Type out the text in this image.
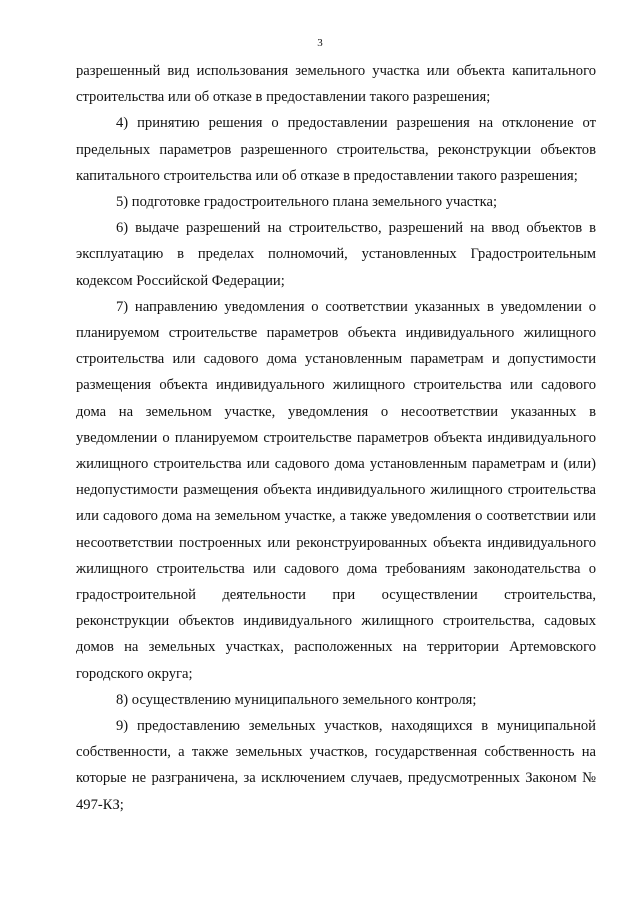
3

разрешенный вид использования земельного участка или объекта капитального строительства или об отказе в предоставлении такого разрешения;

4) принятию решения о предоставлении разрешения на отклонение от предельных параметров разрешенного строительства, реконструкции объектов капитального строительства или об отказе в предоставлении такого разрешения;

5) подготовке градостроительного плана земельного участка;

6) выдаче разрешений на строительство, разрешений на ввод объектов в эксплуатацию в пределах полномочий, установленных Градостроительным кодексом Российской Федерации;

7) направлению уведомления о соответствии указанных в уведомлении о планируемом строительстве параметров объекта индивидуального жилищного строительства или садового дома установленным параметрам и допустимости размещения объекта индивидуального жилищного строительства или садового дома на земельном участке, уведомления о несоответствии указанных в уведомлении о планируемом строительстве параметров объекта индивидуального жилищного строительства или садового дома установленным параметрам и (или) недопустимости размещения объекта индивидуального жилищного строительства или садового дома на земельном участке, а также уведомления о соответствии или несоответствии построенных или реконструированных объекта индивидуального жилищного строительства или садового дома требованиям законодательства о градостроительной деятельности при осуществлении строительства, реконструкции объектов индивидуального жилищного строительства, садовых домов на земельных участках, расположенных на территории Артемовского городского округа;

8) осуществлению муниципального земельного контроля;

9) предоставлению земельных участков, находящихся в муниципальной собственности, а также земельных участков, государственная собственность на которые не разграничена, за исключением случаев, предусмотренных Законом № 497-КЗ;
